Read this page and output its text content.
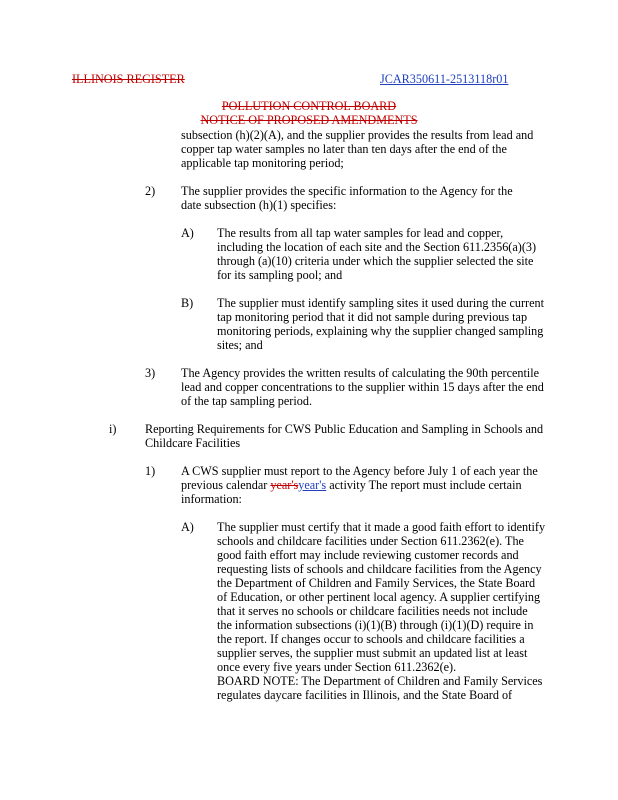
ILLINOIS REGISTER	JCAR350611-2513118r01
POLLUTION CONTROL BOARD
NOTICE OF PROPOSED AMENDMENTS
subsection (h)(2)(A), and the supplier provides the results from lead and
copper tap water samples no later than ten days after the end of the
applicable tap monitoring period;
2) The supplier provides the specific information to the Agency for the
date subsection (h)(1) specifies:
A) The results from all tap water samples for lead and copper,
including the location of each site and the Section 611.2356(a)(3)
through (a)(10) criteria under which the supplier selected the site
for its sampling pool; and
B) The supplier must identify sampling sites it used during the current
tap monitoring period that it did not sample during previous tap
monitoring periods, explaining why the supplier changed sampling
sites; and
3) The Agency provides the written results of calculating the 90th percentile
lead and copper concentrations to the supplier within 15 days after the end
of the tap sampling period.
i) Reporting Requirements for CWS Public Education and Sampling in Schools and
Childcare Facilities
1) A CWS supplier must report to the Agency before July 1 of each year the
previous calendar year'syear's activity The report must include certain
information:
A) The supplier must certify that it made a good faith effort to identify
schools and childcare facilities under Section 611.2362(e). The
good faith effort may include reviewing customer records and
requesting lists of schools and childcare facilities from the Agency
the Department of Children and Family Services, the State Board
of Education, or other pertinent local agency. A supplier certifying
that it serves no schools or childcare facilities needs not include
the information subsections (i)(1)(B) through (i)(1)(D) require in
the report. If changes occur to schools and childcare facilities a
supplier serves, the supplier must submit an updated list at least
once every five years under Section 611.2362(e).
BOARD NOTE: The Department of Children and Family Services
regulates daycare facilities in Illinois, and the State Board of
